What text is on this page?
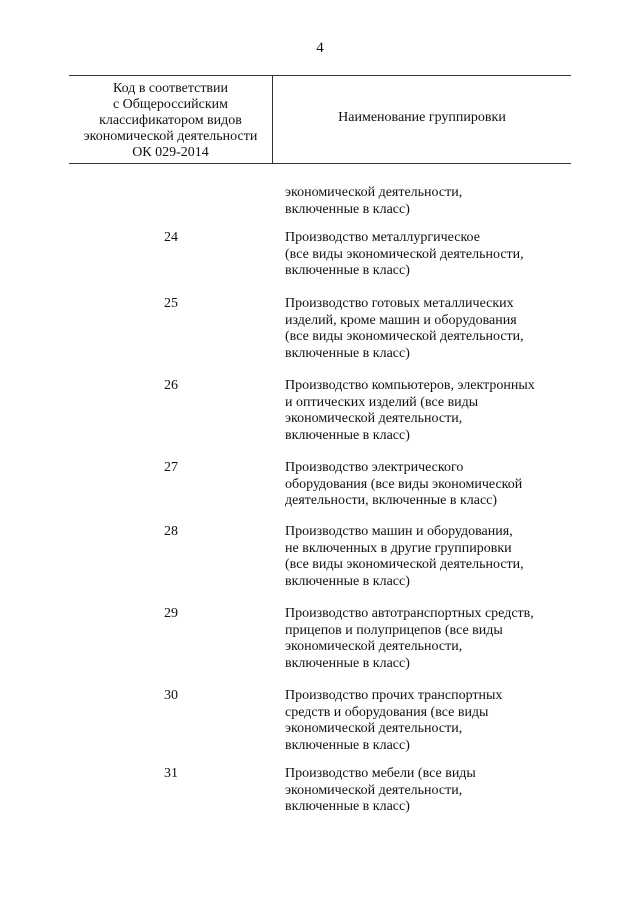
4
Код в соответствии
с Общероссийским
классификатором видов
экономической деятельности
ОК 029-2014
Наименование группировки
экономической деятельности,
включенные в класс)
24	Производство металлургическое
(все виды экономической деятельности,
включенные в класс)
25	Производство готовых металлических
изделий, кроме машин и оборудования
(все виды экономической деятельности,
включенные в класс)
26	Производство компьютеров, электронных
и оптических изделий (все виды
экономической деятельности,
включенные в класс)
27	Производство электрического
оборудования (все виды экономической
деятельности, включенные в класс)
28	Производство машин и оборудования,
не включенных в другие группировки
(все виды экономической деятельности,
включенные в класс)
29	Производство автотранспортных средств,
прицепов и полуприцепов (все виды
экономической деятельности,
включенные в класс)
30	Производство прочих транспортных
средств и оборудования (все виды
экономической деятельности,
включенные в класс)
31	Производство мебели (все виды
экономической деятельности,
включенные в класс)
